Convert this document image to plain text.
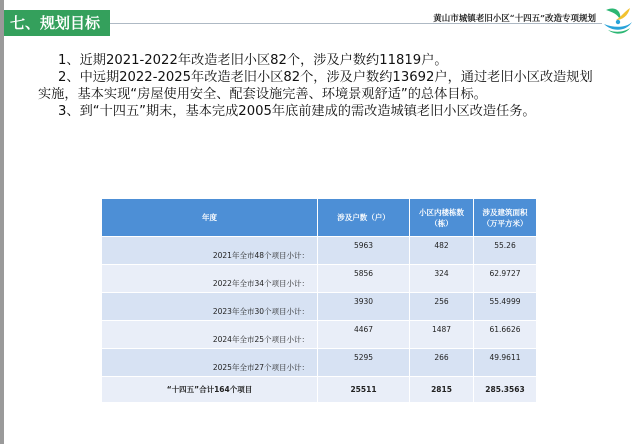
七、规划目标	黄山市城镇老旧小区“十四五”改造专项规划

1、近期2021-2022年改造老旧小区82个，涉及户数约11819户。

2、中远期2022-2025年改造老旧小区82个，涉及户数约13692户，通过老旧小区改造规划实施，基本实现“房屋使用安全、配套设施完善、环境景观舒适”的总体目标。

3、到“十四五”期末，基本完成2005年底前建成的需改造城镇老旧小区改造任务。

年度	涉及户数（户）	小区内楼栋数（栋）	涉及建筑面积（万平方米）
2021年全市48个项目小计：	5963	482	55.26
2022年全市34个项目小计：	5856	324	62.9727
2023年全市30个项目小计：	3930	256	55.4999
2024年全市25个项目小计：	4467	1487	61.6626
2025年全市27个项目小计：	5295	266	49.9611
“十四五”合计164个项目	25511	2815	285.3563
